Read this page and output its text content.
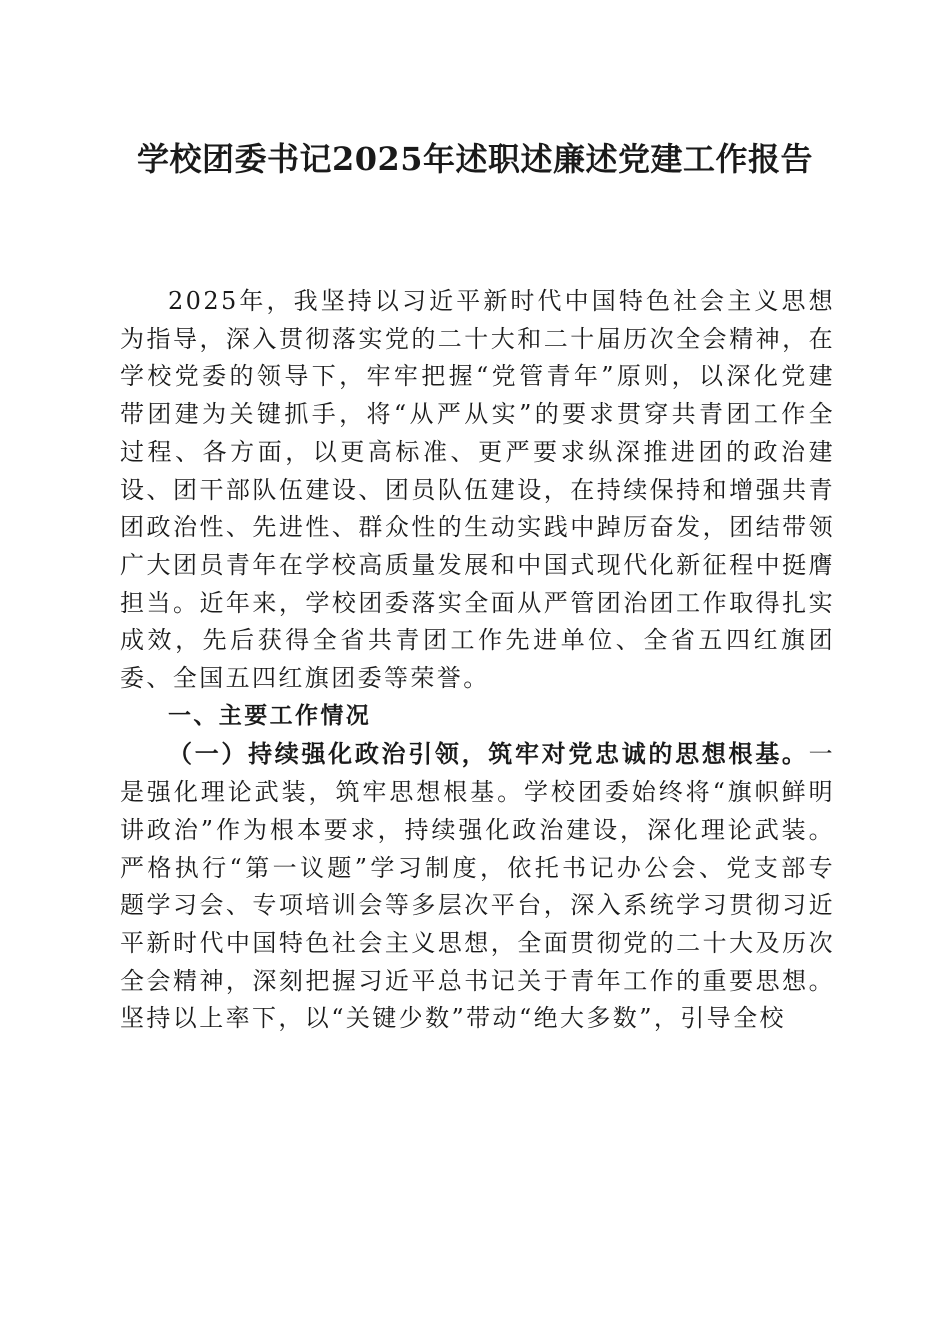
学校团委书记2025年述职述廉述党建工作报告

2025年，我坚持以习近平新时代中国特色社会主义思想为指导，深入贯彻落实党的二十大和二十届历次全会精神，在学校党委的领导下，牢牢把握“党管青年”原则，以深化党建带团建为关键抓手，将“从严从实”的要求贯穿共青团工作全过程、各方面，以更高标准、更严要求纵深推进团的政治建设、团干部队伍建设、团员队伍建设，在持续保持和增强共青团政治性、先进性、群众性的生动实践中踔厉奋发，团结带领广大团员青年在学校高质量发展和中国式现代化新征程中挺膺担当。近年来，学校团委落实全面从严管团治团工作取得扎实成效，先后获得全省共青团工作先进单位、全省五四红旗团委、全国五四红旗团委等荣誉。

一、主要工作情况

（一）持续强化政治引领，筑牢对党忠诚的思想根基。一是强化理论武装，筑牢思想根基。学校团委始终将“旗帜鲜明讲政治”作为根本要求，持续强化政治建设，深化理论武装。严格执行“第一议题”学习制度，依托书记办公会、党支部专题学习会、专项培训会等多层次平台，深入系统学习贯彻习近平新时代中国特色社会主义思想，全面贯彻党的二十大及历次全会精神，深刻把握习近平总书记关于青年工作的重要思想。坚持以上率下，以“关键少数”带动“绝大多数”，引导全校
